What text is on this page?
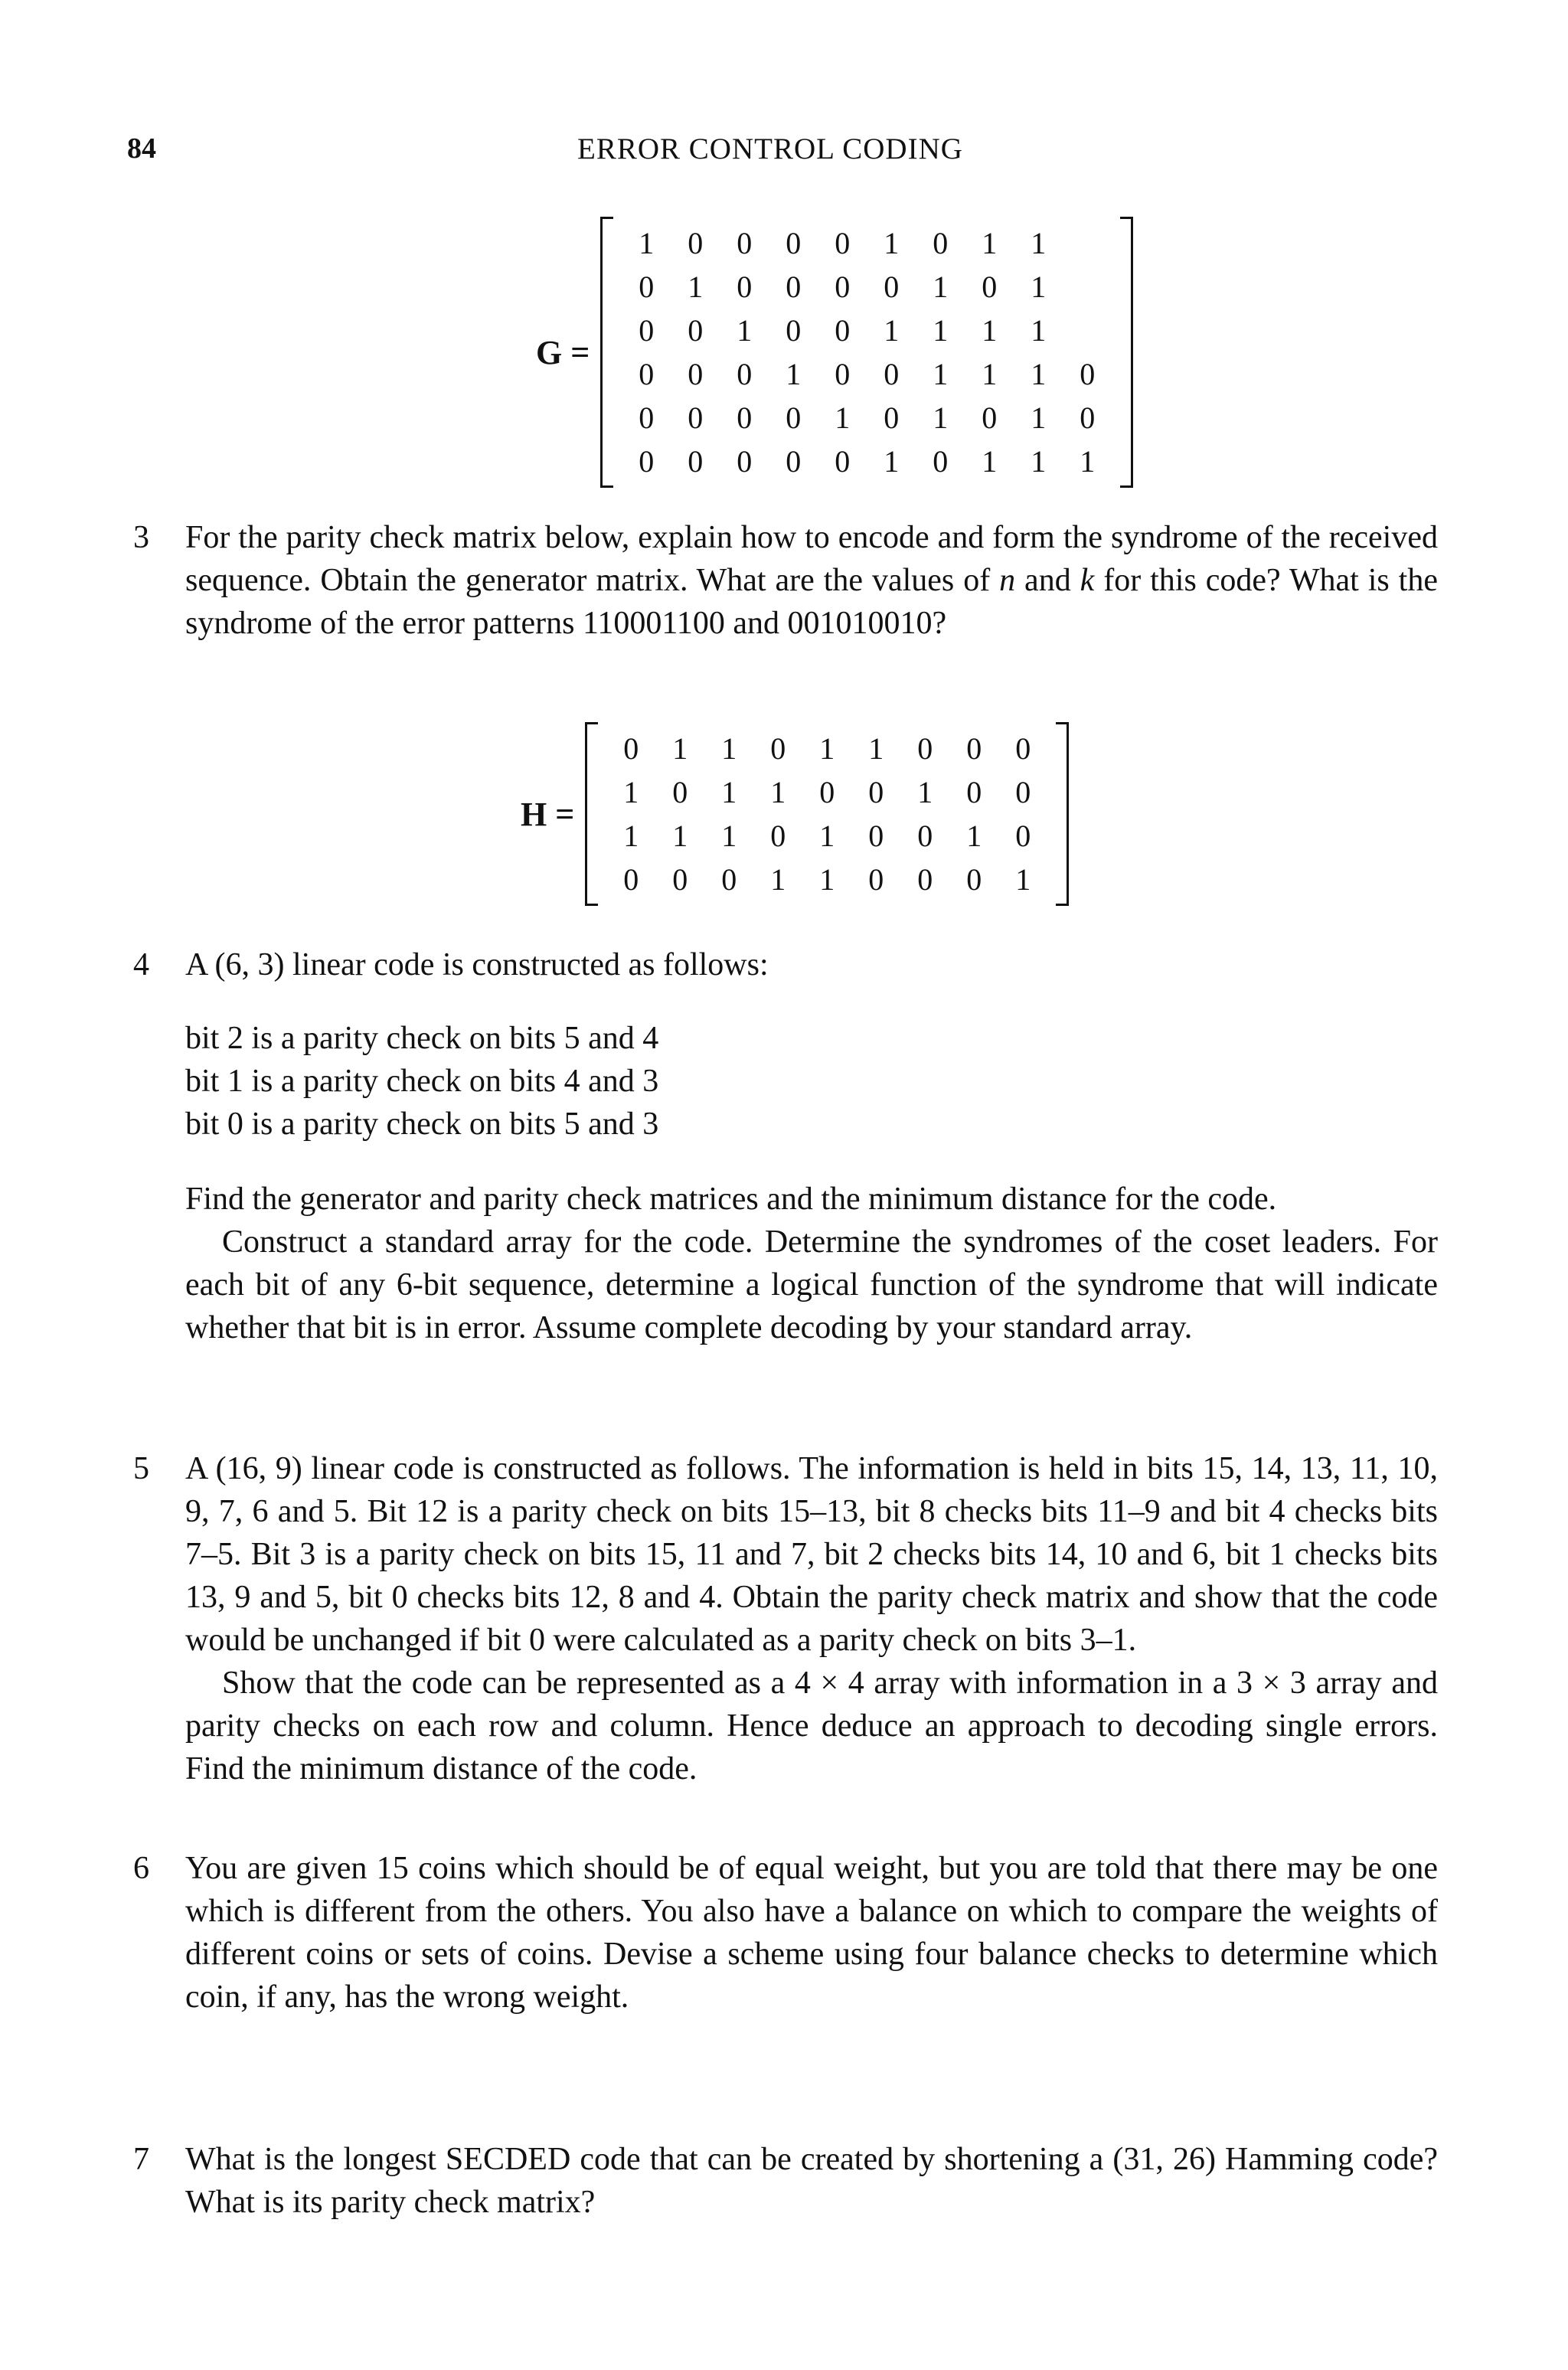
84	ERROR CONTROL CODING
G =
1	0	0	0	0	1	0	1	1
0	1	0	0	0	0	1	0	1
0	0	1	0	0	1	1	1	1
0	0	0	1	0	0	1	1	1	0
0	0	0	0	1	0	1	0	1	0
0	0	0	0	0	1	0	1	1	1
3 For the parity check matrix below, explain how to encode and form the syndrome of the received sequence. Obtain the generator matrix. What are the values of n and k for this code? What is the syndrome of the error patterns 110001100 and 001010010?

H =
0	1	1	0	1	1	0	0	0
1	0	1	1	0	0	1	0	0
1	1	1	0	1	0	0	1	0
0	0	0	1	1	0	0	0	1
4 A (6, 3) linear code is constructed as follows:

bit 2 is a parity check on bits 5 and 4
bit 1 is a parity check on bits 4 and 3
bit 0 is a parity check on bits 5 and 3

Find the generator and parity check matrices and the minimum distance for the code.

Construct a standard array for the code. Determine the syndromes of the coset leaders. For each bit of any 6-bit sequence, determine a logical function of the syndrome that will indicate whether that bit is in error. Assume complete decoding by your standard array.

5 A (16, 9) linear code is constructed as follows. The information is held in bits 15, 14, 13, 11, 10, 9, 7, 6 and 5. Bit 12 is a parity check on bits 15–13, bit 8 checks bits 11–9 and bit 4 checks bits 7–5. Bit 3 is a parity check on bits 15, 11 and 7, bit 2 checks bits 14, 10 and 6, bit 1 checks bits 13, 9 and 5, bit 0 checks bits 12, 8 and 4. Obtain the parity check matrix and show that the code would be unchanged if bit 0 were calculated as a parity check on bits 3–1.

Show that the code can be represented as a 4 × 4 array with information in a 3 × 3 array and parity checks on each row and column. Hence deduce an approach to decoding single errors. Find the minimum distance of the code.

6 You are given 15 coins which should be of equal weight, but you are told that there may be one which is different from the others. You also have a balance on which to compare the weights of different coins or sets of coins. Devise a scheme using four balance checks to determine which coin, if any, has the wrong weight.

7 What is the longest SECDED code that can be created by shortening a (31, 26) Hamming code? What is its parity check matrix?
